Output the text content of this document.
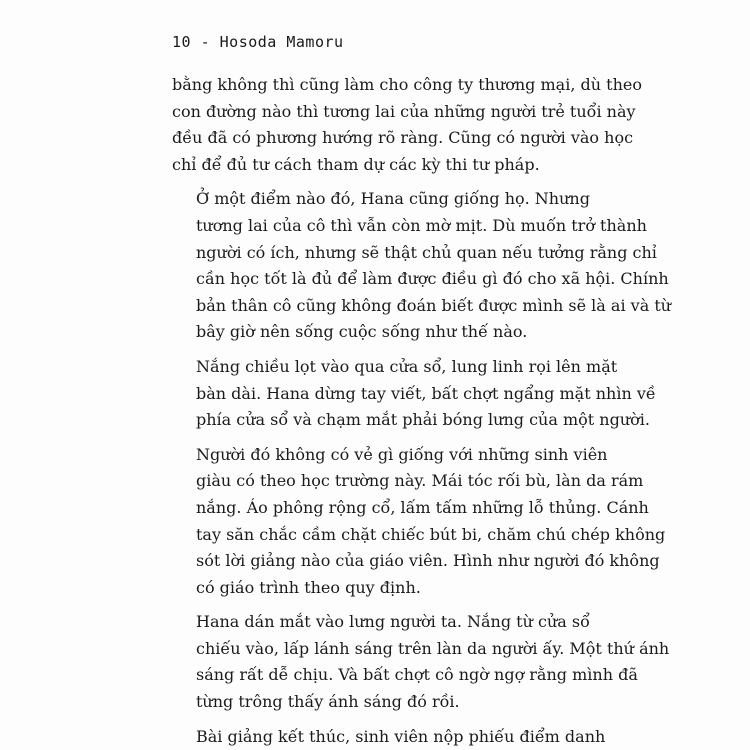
10 - Hosoda Mamoru

bằng không thì cũng làm cho công ty thương mại, dù theo
con đường nào thì tương lai của những người trẻ tuổi này
đều đã có phương hướng rõ ràng. Cũng có người vào học
chỉ để đủ tư cách tham dự các kỳ thi tư pháp.

Ở một điểm nào đó, Hana cũng giống họ. Nhưng
tương lai của cô thì vẫn còn mờ mịt. Dù muốn trở thành
người có ích, nhưng sẽ thật chủ quan nếu tưởng rằng chỉ
cần học tốt là đủ để làm được điều gì đó cho xã hội. Chính
bản thân cô cũng không đoán biết được mình sẽ là ai và từ
bây giờ nên sống cuộc sống như thế nào.

Nắng chiều lọt vào qua cửa sổ, lung linh rọi lên mặt
bàn dài. Hana dừng tay viết, bất chợt ngẩng mặt nhìn về
phía cửa sổ và chạm mắt phải bóng lưng của một người.

Người đó không có vẻ gì giống với những sinh viên
giàu có theo học trường này. Mái tóc rối bù, làn da rám
nắng. Áo phông rộng cổ, lấm tấm những lỗ thủng. Cánh
tay săn chắc cầm chặt chiếc bút bi, chăm chú chép không
sót lời giảng nào của giáo viên. Hình như người đó không
có giáo trình theo quy định.

Hana dán mắt vào lưng người ta. Nắng từ cửa sổ
chiếu vào, lấp lánh sáng trên làn da người ấy. Một thứ ánh
sáng rất dễ chịu. Và bất chợt cô ngờ ngợ rằng mình đã
từng trông thấy ánh sáng đó rồi.

Bài giảng kết thúc, sinh viên nộp phiếu điểm danh
